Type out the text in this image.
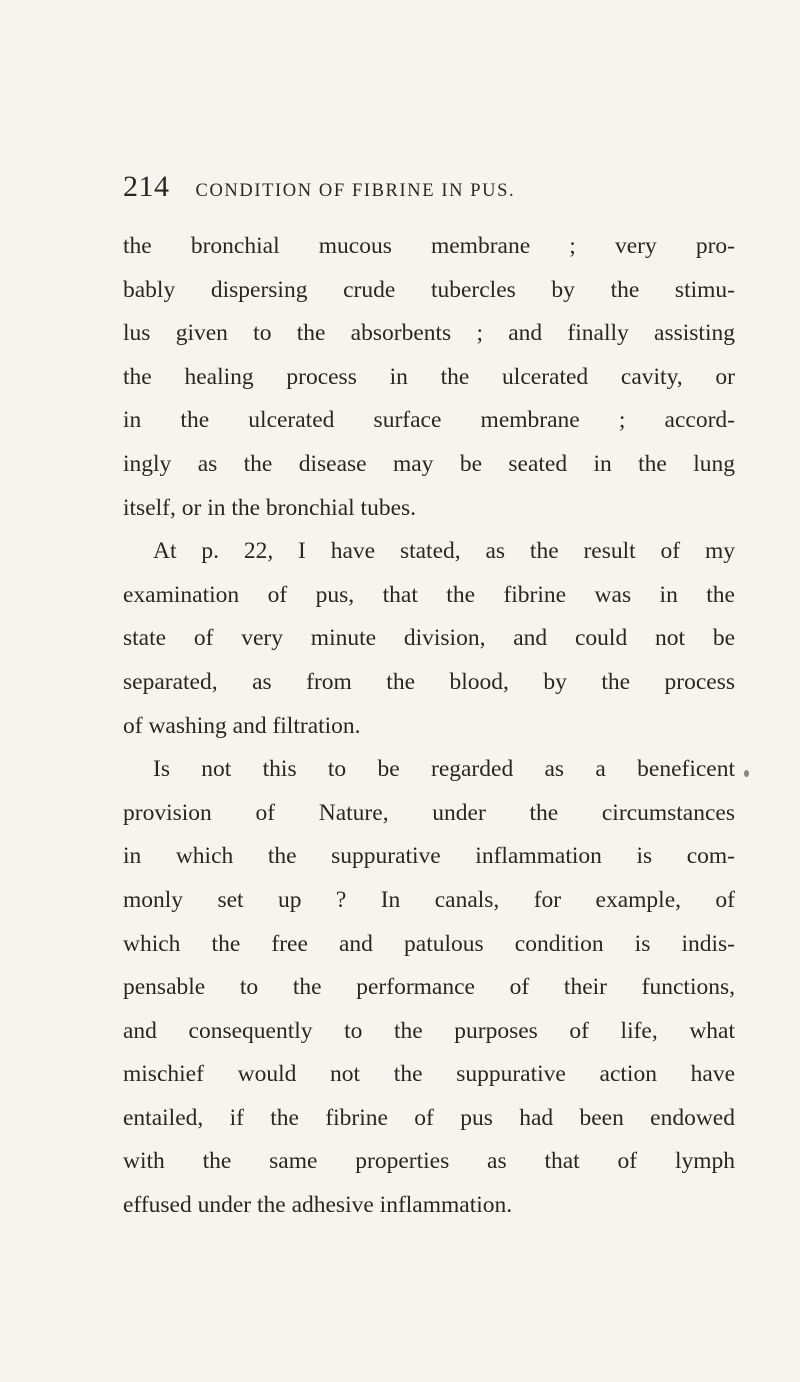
214 CONDITION OF FIBRINE IN PUS.
the bronchial mucous membrane ; very pro-
bably dispersing crude tubercles by the stimu-
lus given to the absorbents ; and finally assisting
the healing process in the ulcerated cavity, or
in the ulcerated surface membrane ; accord-
ingly as the disease may be seated in the lung
itself, or in the bronchial tubes.
At p. 22, I have stated, as the result of my
examination of pus, that the fibrine was in the
state of very minute division, and could not be
separated, as from the blood, by the process
of washing and filtration.
Is not this to be regarded as a beneficent
provision of Nature, under the circumstances
in which the suppurative inflammation is com-
monly set up ? In canals, for example, of
which the free and patulous condition is indis-
pensable to the performance of their functions,
and consequently to the purposes of life, what
mischief would not the suppurative action have
entailed, if the fibrine of pus had been endowed
with the same properties as that of lymph
effused under the adhesive inflammation.
